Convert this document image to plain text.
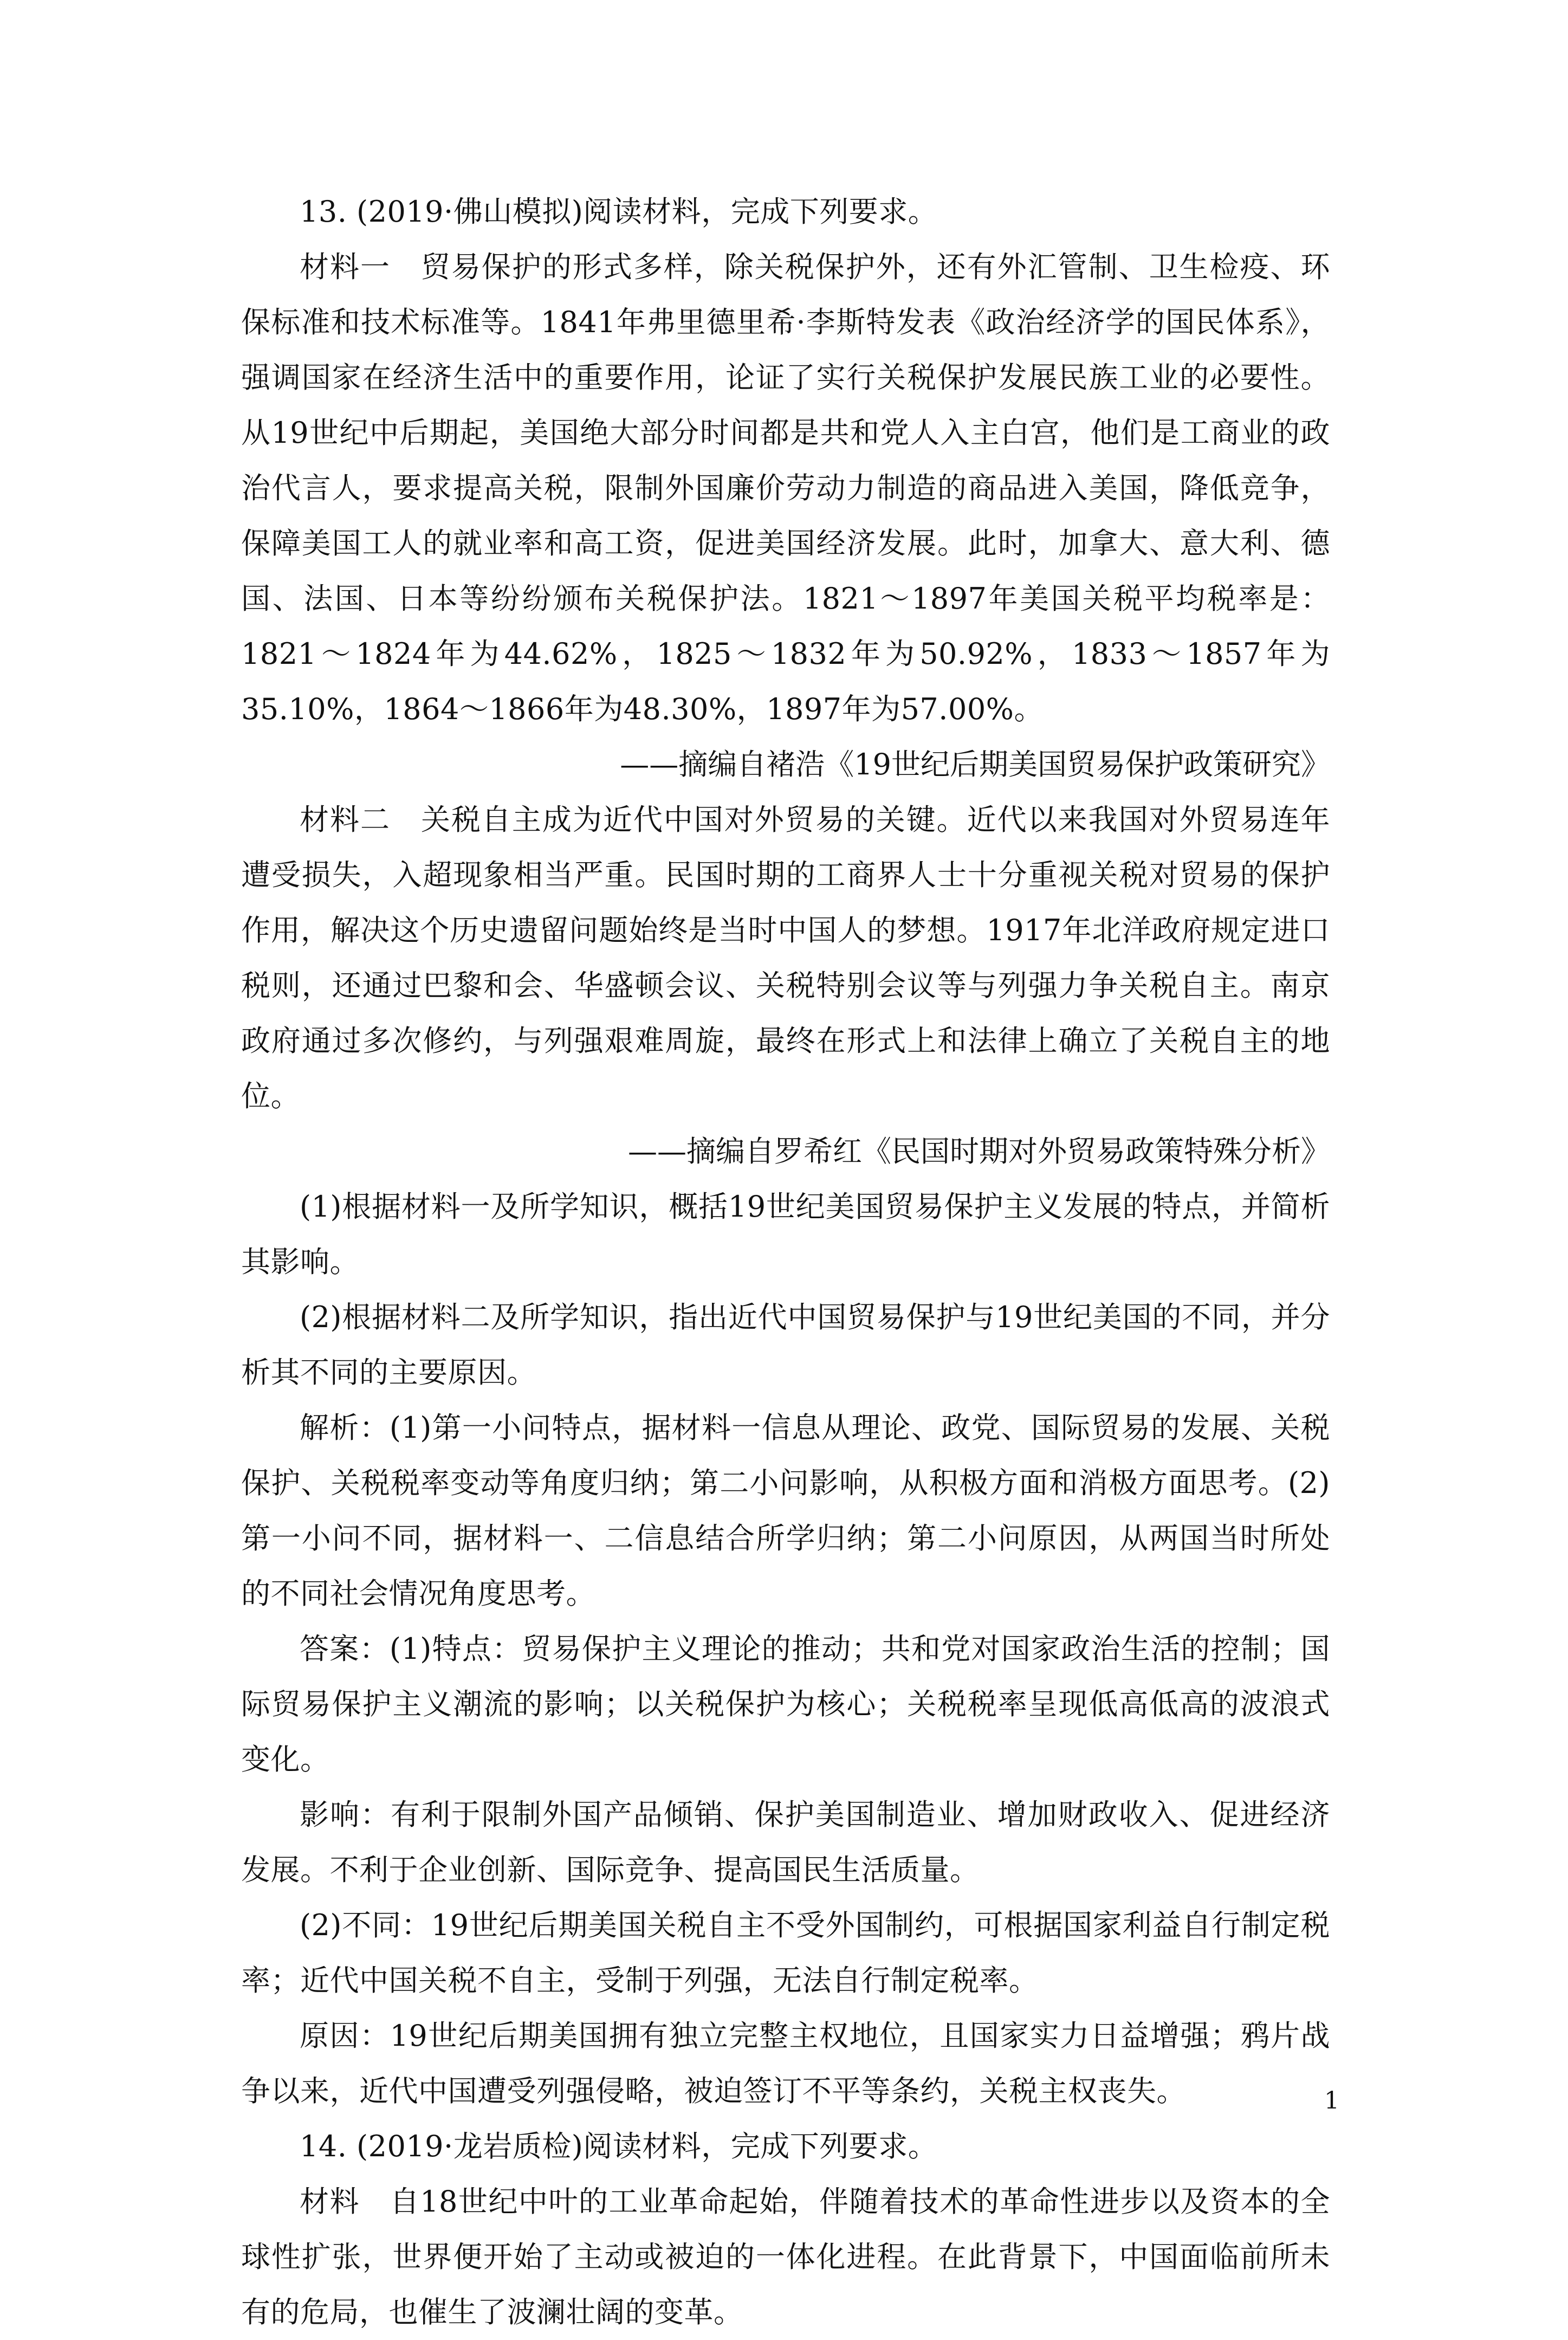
13. (2019·佛山模拟)阅读材料，完成下列要求。

材料一　贸易保护的形式多样，除关税保护外，还有外汇管制、卫生检疫、环保标准和技术标准等。1841年弗里德里希·李斯特发表《政治经济学的国民体系》，强调国家在经济生活中的重要作用，论证了实行关税保护发展民族工业的必要性。从19世纪中后期起，美国绝大部分时间都是共和党人入主白宫，他们是工商业的政治代言人，要求提高关税，限制外国廉价劳动力制造的商品进入美国，降低竞争，保障美国工人的就业率和高工资，促进美国经济发展。此时，加拿大、意大利、德国、法国、日本等纷纷颁布关税保护法。1821～1897年美国关税平均税率是：1821～1824年为44.62%，1825～1832年为50.92%，1833～1857年为35.10%，1864～1866年为48.30%，1897年为57.00%。

——摘编自褚浩《19世纪后期美国贸易保护政策研究》

材料二　关税自主成为近代中国对外贸易的关键。近代以来我国对外贸易连年遭受损失，入超现象相当严重。民国时期的工商界人士十分重视关税对贸易的保护作用，解决这个历史遗留问题始终是当时中国人的梦想。1917年北洋政府规定进口税则，还通过巴黎和会、华盛顿会议、关税特别会议等与列强力争关税自主。南京政府通过多次修约，与列强艰难周旋，最终在形式上和法律上确立了关税自主的地位。

——摘编自罗希红《民国时期对外贸易政策特殊分析》

(1)根据材料一及所学知识，概括19世纪美国贸易保护主义发展的特点，并简析其影响。

(2)根据材料二及所学知识，指出近代中国贸易保护与19世纪美国的不同，并分析其不同的主要原因。

解析：(1)第一小问特点，据材料一信息从理论、政党、国际贸易的发展、关税保护、关税税率变动等角度归纳；第二小问影响，从积极方面和消极方面思考。(2)第一小问不同，据材料一、二信息结合所学归纳；第二小问原因，从两国当时所处的不同社会情况角度思考。

答案：(1)特点：贸易保护主义理论的推动；共和党对国家政治生活的控制；国际贸易保护主义潮流的影响；以关税保护为核心；关税税率呈现低高低高的波浪式变化。

影响：有利于限制外国产品倾销、保护美国制造业、增加财政收入、促进经济发展。不利于企业创新、国际竞争、提高国民生活质量。

(2)不同：19世纪后期美国关税自主不受外国制约，可根据国家利益自行制定税率；近代中国关税不自主，受制于列强，无法自行制定税率。

原因：19世纪后期美国拥有独立完整主权地位，且国家实力日益增强；鸦片战争以来，近代中国遭受列强侵略，被迫签订不平等条约，关税主权丧失。

14. (2019·龙岩质检)阅读材料，完成下列要求。

材料　自18世纪中叶的工业革命起始，伴随着技术的革命性进步以及资本的全球性扩张，世界便开始了主动或被迫的一体化进程。在此背景下，中国面临前所未有的危局，也催生了波澜壮阔的变革。

1
